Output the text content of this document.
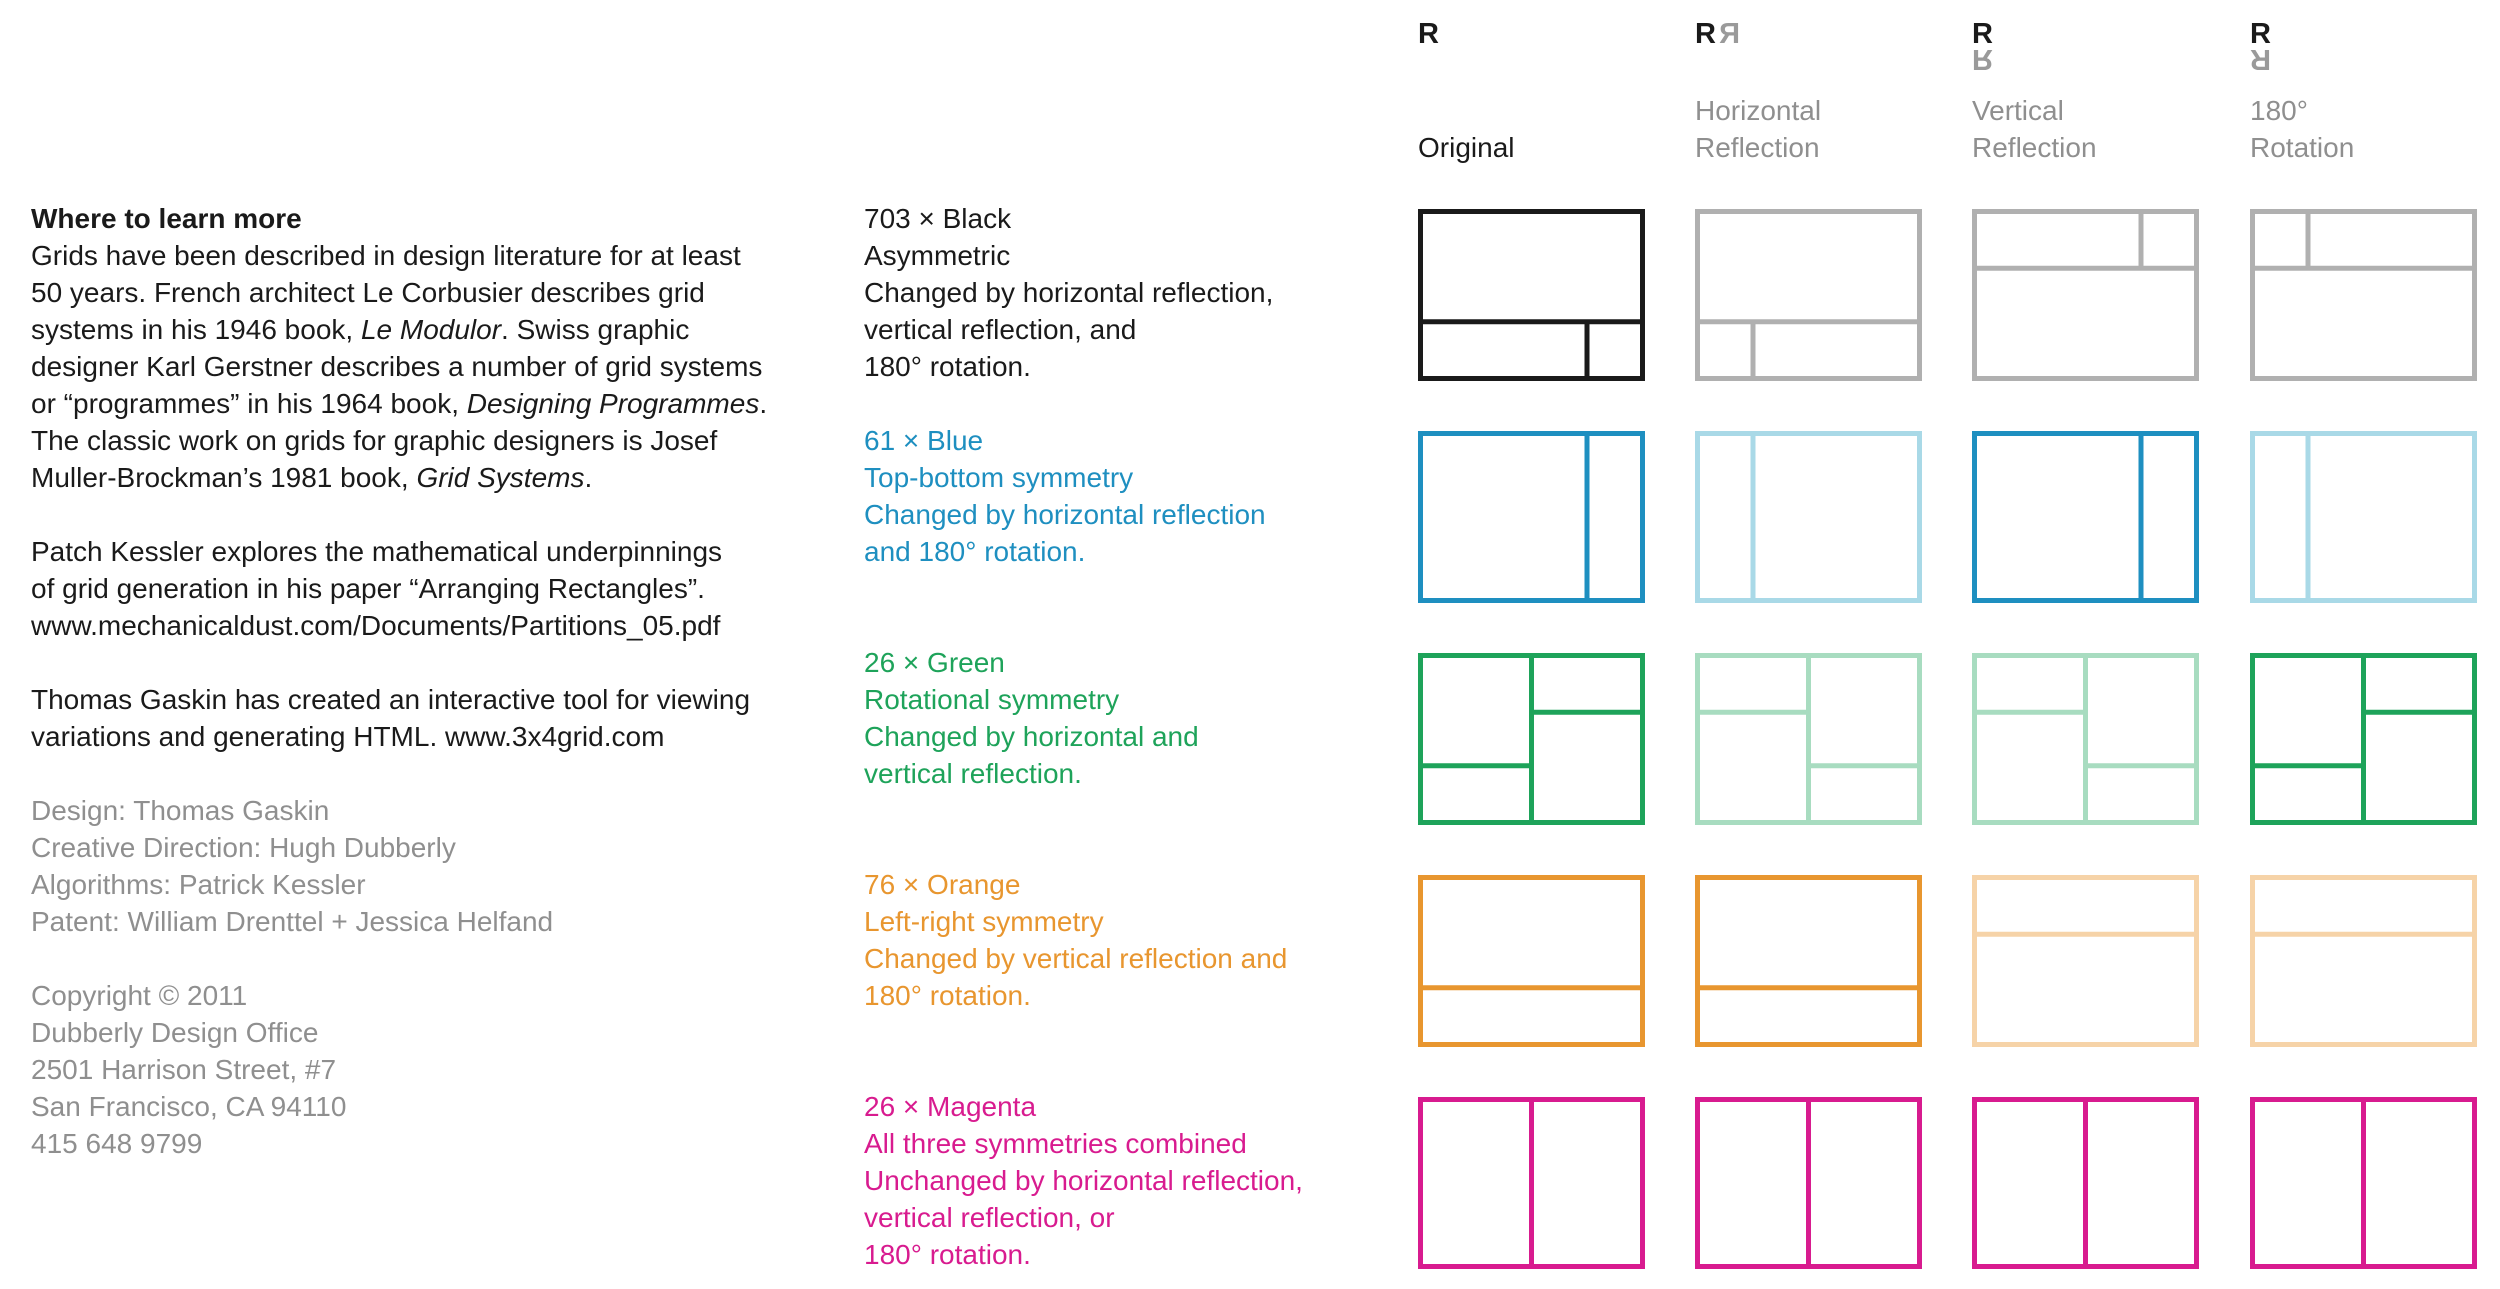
Where to learn more

Grids have been described in design literature for at least
50 years. French architect Le Corbusier describes grid
systems in his 1946 book, Le Modulor. Swiss graphic
designer Karl Gerstner describes a number of grid systems
or “programmes” in his 1964 book, Designing Programmes.
The classic work on grids for graphic designers is Josef
Muller-Brockman’s 1981 book, Grid Systems.

Patch Kessler explores the mathematical underpinnings
of grid generation in his paper “Arranging Rectangles”.
www.mechanicaldust.com/Documents/Partitions_05.pdf

Thomas Gaskin has created an interactive tool for viewing
variations and generating HTML. www.3x4grid.com

Design: Thomas Gaskin
Creative Direction: Hugh Dubberly
Algorithms: Patrick Kessler
Patent: William Drenttel + Jessica Helfand

Copyright © 2011
Dubberly Design Office
2501 Harrison Street, #7
San Francisco, CA 94110
415 648 9799

703 × Black
Asymmetric
Changed by horizontal reflection,
vertical reflection, and
180° rotation.
61 × Blue
Top-bottom symmetry
Changed by horizontal reflection
and 180° rotation.
26 × Green
Rotational symmetry
Changed by horizontal and
vertical reflection.
76 × Orange
Left-right symmetry
Changed by vertical reflection and
180° rotation.
26 × Magenta
All three symmetries combined
Unchanged by horizontal reflection,
vertical reflection, or
180° rotation.
R
Original
R R
Horizontal
Reflection
R
R
Vertical
Reflection
R
R
180°
Rotation
